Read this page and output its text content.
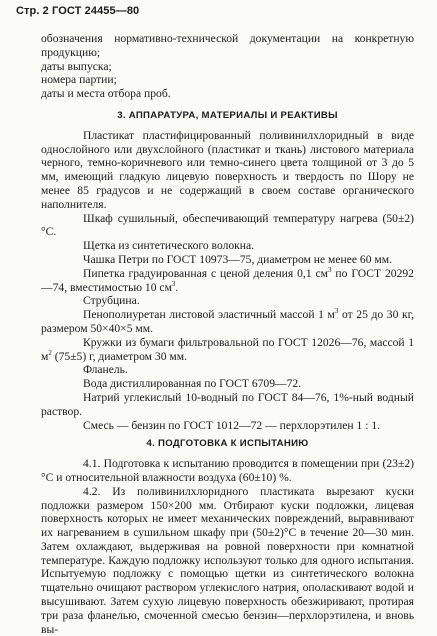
Стр. 2 ГОСТ 24455—80

обозначения нормативно-технической документации на конкретную продукцию;

даты выпуска;

номера партии;

даты и места отбора проб.

3. АППАРАТУРА, МАТЕРИАЛЫ И РЕАКТИВЫ

Пластикат пластифицированный поливинилхлоридный в виде однослойного или двухслойного (пластикат и ткань) листового материала черного, темно-коричневого или темно-синего цвета толщиной от 3 до 5 мм, имеющий гладкую лицевую поверхность и твердость по Шору не менее 85 градусов и не содержащий в своем составе органического наполнителя.

Шкаф сушильный, обеспечивающий температуру нагрева (50±2)°С.

Щетка из синтетического волокна.

Чашка Петри по ГОСТ 10973—75, диаметром не менее 60 мм.

Пипетка градуированная с ценой деления 0,1 $см^3$ по ГОСТ 20292—74, вместимостью 10 $см^3$.

Струбцина.

Пенополиуретан листовой эластичный массой 1 $м^3$ от 25 до 30 кг, размером 50×40×5 мм.

Кружки из бумаги фильтровальной по ГОСТ 12026—76, массой 1 $м^2$ (75±5) г, диаметром 30 мм.

Фланель.

Вода дистиллированная по ГОСТ 6709—72.

Натрий углекислый 10-водный по ГОСТ 84—76, 1%-ный водный раствор.

Смесь — бензин по ГОСТ 1012—72 — перхлорэтилен 1 : 1.

4. ПОДГОТОВКА К ИСПЫТАНИЮ

4.1. Подготовка к испытанию проводится в помещении при (23±2)°С и относительной влажности воздуха (60±10) %.

4.2. Из поливинилхлоридного пластиката вырезают куски подложки размером 150×200 мм. Отбирают куски подложки, лицевая поверхность которых не имеет механических повреждений, выравнивают их нагреванием в сушильном шкафу при (50±2)°С в течение 20—30 мин. Затем охлаждают, выдерживая на ровной поверхности при комнатной температуре. Каждую подложку используют только для одного испытания. Испытуемую подложку с помощью щетки из синтетического волокна тщательно очищают раствором углекислого натрия, ополаскивают водой и высушивают. Затем сухую лицевую поверхность обезжиривают, протирая три раза фланелью, смоченной смесью бензин—перхлорэтилена, и вновь вы-
